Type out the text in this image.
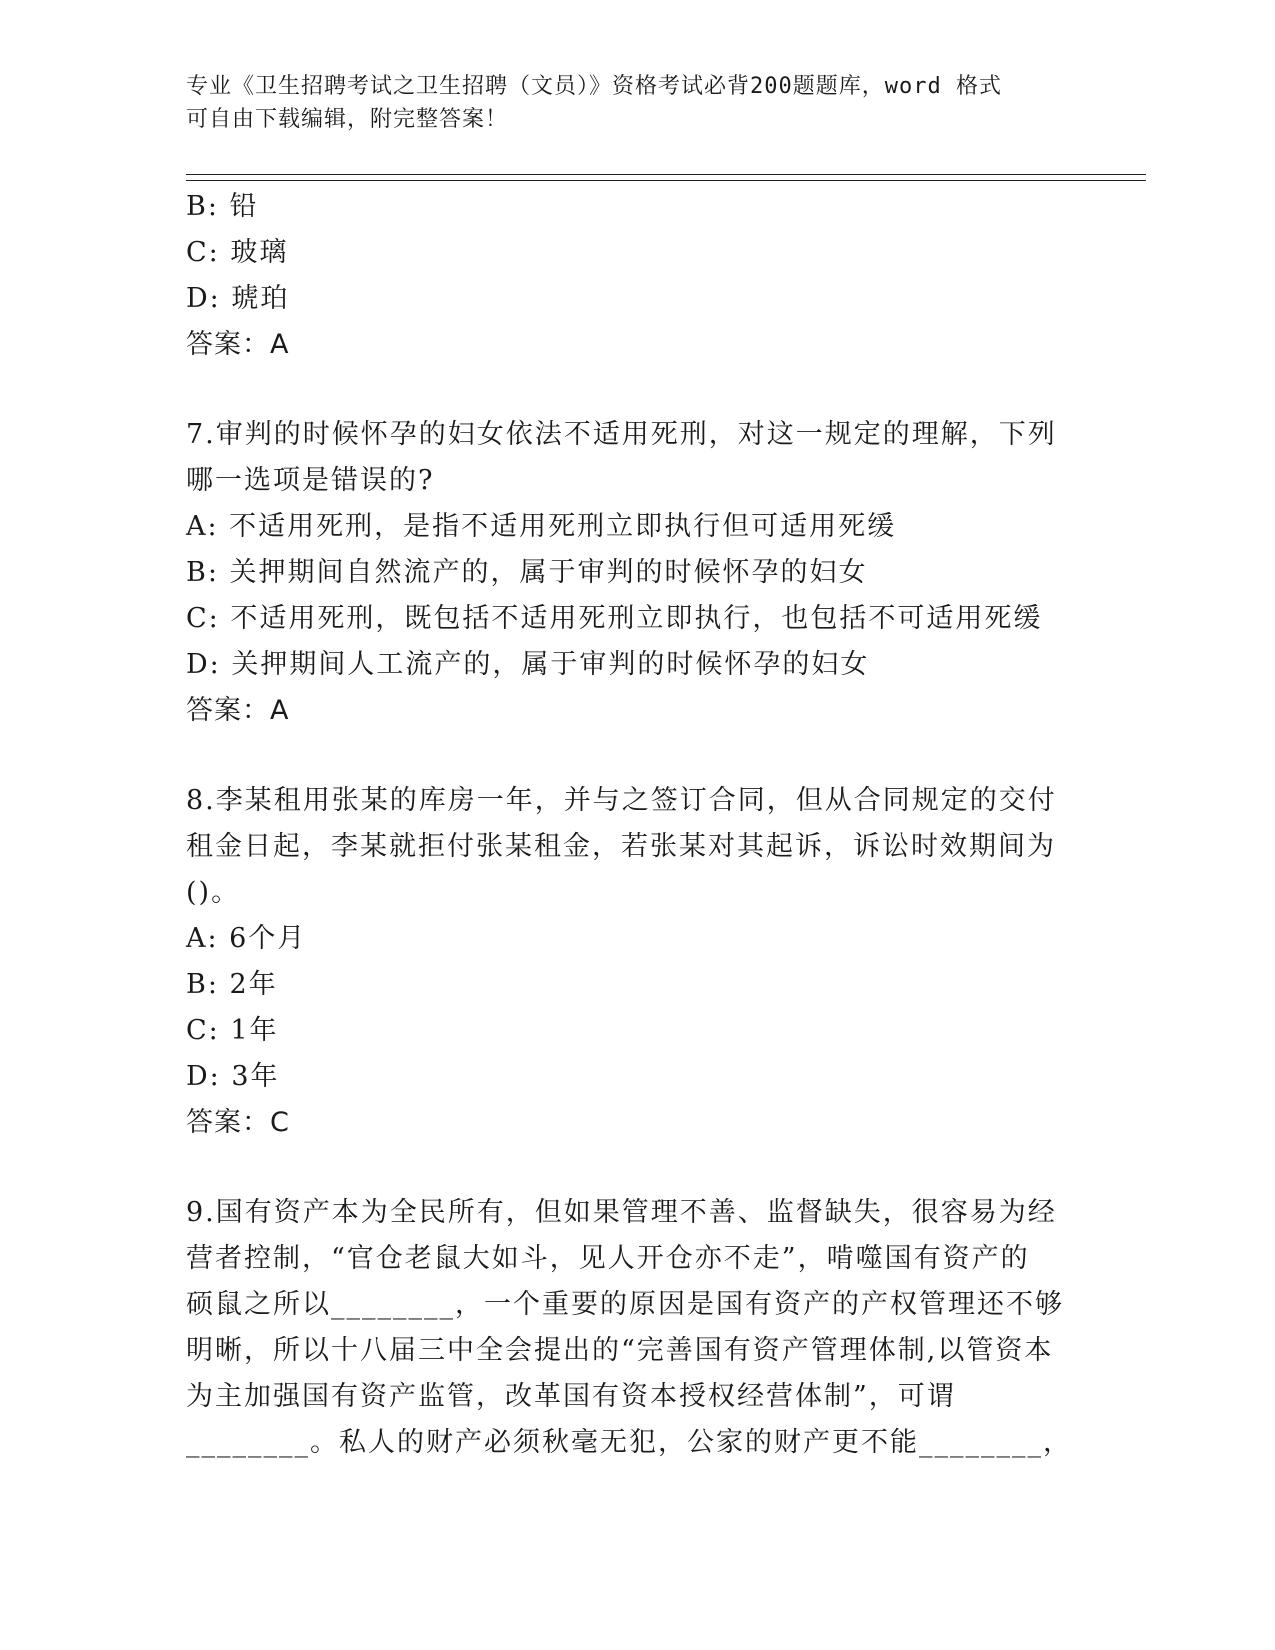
专业《卫生招聘考试之卫生招聘（文员）》资格考试必背200题题库，word 格式
可自由下载编辑，附完整答案！
B: 铅
C: 玻璃
D: 琥珀
答案：A
7.审判的时候怀孕的妇女依法不适用死刑，对这一规定的理解，下列
哪一选项是错误的?
A: 不适用死刑，是指不适用死刑立即执行但可适用死缓
B: 关押期间自然流产的，属于审判的时候怀孕的妇女
C: 不适用死刑，既包括不适用死刑立即执行，也包括不可适用死缓
D: 关押期间人工流产的，属于审判的时候怀孕的妇女
答案：A
8.李某租用张某的库房一年，并与之签订合同，但从合同规定的交付
租金日起，李某就拒付张某租金，若张某对其起诉，诉讼时效期间为
()。
A: 6个月
B: 2年
C: 1年
D: 3年
答案：C
9.国有资产本为全民所有，但如果管理不善、监督缺失，很容易为经
营者控制，“官仓老鼠大如斗，见人开仓亦不走”，啃噬国有资产的
硕鼠之所以________，一个重要的原因是国有资产的产权管理还不够
明晰，所以十八届三中全会提出的“完善国有资产管理体制,以管资本
为主加强国有资产监管，改革国有资本授权经营体制”，可谓
________。私人的财产必须秋毫无犯，公家的财产更不能________，
